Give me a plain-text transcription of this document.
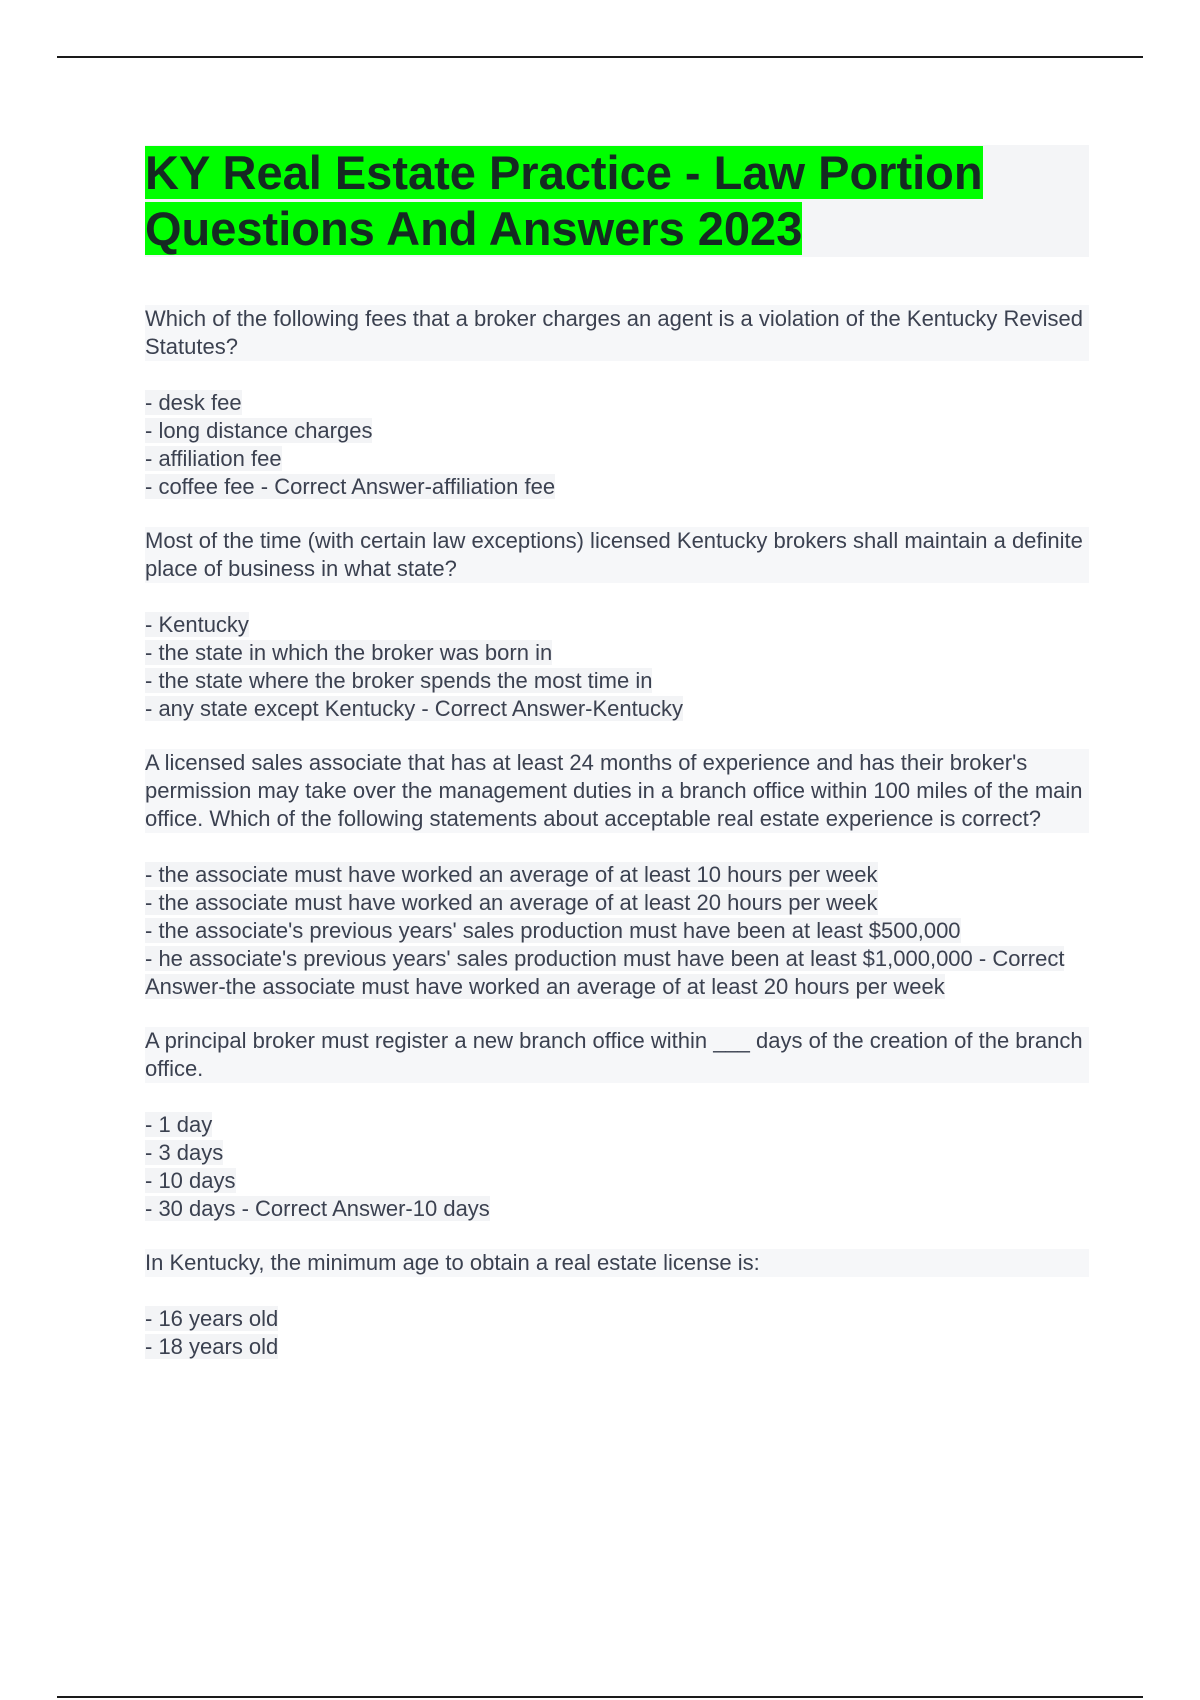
KY Real Estate Practice - Law Portion Questions And Answers 2023

Which of the following fees that a broker charges an agent is a violation of the Kentucky Revised Statutes?

- desk fee
- long distance charges
- affiliation fee
- coffee fee - Correct Answer-affiliation fee

Most of the time (with certain law exceptions) licensed Kentucky brokers shall maintain a definite place of business in what state?

- Kentucky
- the state in which the broker was born in
- the state where the broker spends the most time in
- any state except Kentucky - Correct Answer-Kentucky

A licensed sales associate that has at least 24 months of experience and has their broker's permission may take over the management duties in a branch office within 100 miles of the main office. Which of the following statements about acceptable real estate experience is correct?

- the associate must have worked an average of at least 10 hours per week
- the associate must have worked an average of at least 20 hours per week
- the associate's previous years' sales production must have been at least $500,000
- he associate's previous years' sales production must have been at least $1,000,000 - Correct Answer-the associate must have worked an average of at least 20 hours per week

A principal broker must register a new branch office within ___ days of the creation of the branch office.

- 1 day
- 3 days
- 10 days
- 30 days - Correct Answer-10 days

In Kentucky, the minimum age to obtain a real estate license is:

- 16 years old
- 18 years old
